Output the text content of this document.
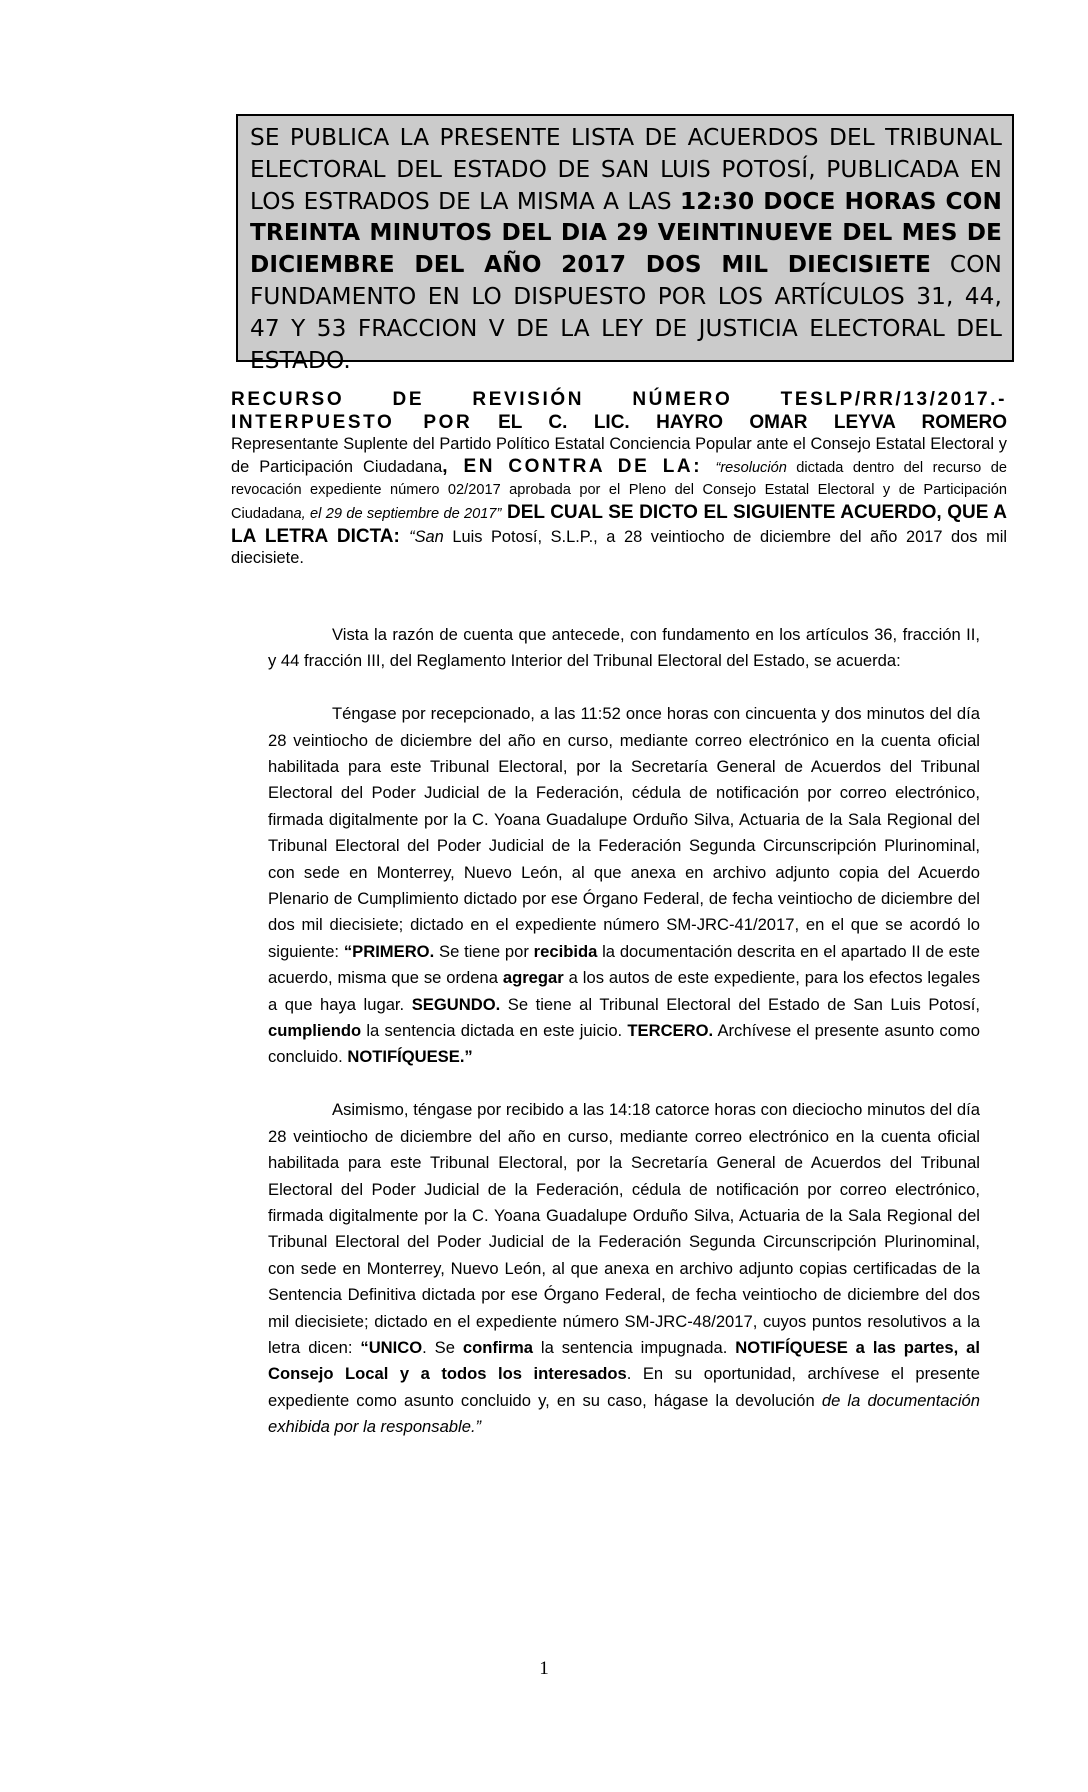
SE PUBLICA LA PRESENTE LISTA DE ACUERDOS DEL TRIBUNAL ELECTORAL DEL ESTADO DE SAN LUIS POTOSÍ, PUBLICADA EN LOS ESTRADOS DE LA MISMA A LAS 12:30 DOCE HORAS CON TREINTA MINUTOS DEL DIA 29 VEINTINUEVE DEL MES DE DICIEMBRE DEL AÑO 2017 DOS MIL DIECISIETE CON FUNDAMENTO EN LO DISPUESTO POR LOS ARTÍCULOS 31, 44, 47 Y 53 FRACCION V DE LA LEY DE JUSTICIA ELECTORAL DEL ESTADO.
RECURSO DE REVISIÓN NÚMERO TESLP/RR/13/2017.-
INTERPUESTO POR EL C. LIC. HAYRO OMAR LEYVA ROMERO
Representante Suplente del Partido Político Estatal Conciencia Popular ante el Consejo Estatal Electoral y de Participación Ciudadana, EN CONTRA DE LA: “resolución dictada dentro del recurso de revocación expediente número 02/2017 aprobada por el Pleno del Consejo Estatal Electoral y de Participación Ciudadana, el 29 de septiembre de 2017” DEL CUAL SE DICTO EL SIGUIENTE ACUERDO, QUE A LA LETRA DICTA: “San Luis Potosí, S.L.P., a 28 veintiocho de diciembre del año 2017 dos mil diecisiete.

Vista la razón de cuenta que antecede, con fundamento en los artículos 36, fracción II, y 44 fracción III, del Reglamento Interior del Tribunal Electoral del Estado, se acuerda:

Téngase por recepcionado, a las 11:52 once horas con cincuenta y dos minutos del día 28 veintiocho de diciembre del año en curso, mediante correo electrónico en la cuenta oficial habilitada para este Tribunal Electoral, por la Secretaría General de Acuerdos del Tribunal Electoral del Poder Judicial de la Federación, cédula de notificación por correo electrónico, firmada digitalmente por la C. Yoana Guadalupe Orduño Silva, Actuaria de la Sala Regional del Tribunal Electoral del Poder Judicial de la Federación Segunda Circunscripción Plurinominal, con sede en Monterrey, Nuevo León, al que anexa en archivo adjunto copia del Acuerdo Plenario de Cumplimiento dictado por ese Órgano Federal, de fecha veintiocho de diciembre del dos mil diecisiete; dictado en el expediente número SM-JRC-41/2017, en el que se acordó lo siguiente: “PRIMERO. Se tiene por recibida la documentación descrita en el apartado II de este acuerdo, misma que se ordena agregar a los autos de este expediente, para los efectos legales a que haya lugar. SEGUNDO. Se tiene al Tribunal Electoral del Estado de San Luis Potosí, cumpliendo la sentencia dictada en este juicio. TERCERO. Archívese el presente asunto como concluido. NOTIFÍQUESE.”

Asimismo, téngase por recibido a las 14:18 catorce horas con dieciocho minutos del día 28 veintiocho de diciembre del año en curso, mediante correo electrónico en la cuenta oficial habilitada para este Tribunal Electoral, por la Secretaría General de Acuerdos del Tribunal Electoral del Poder Judicial de la Federación, cédula de notificación por correo electrónico, firmada digitalmente por la C. Yoana Guadalupe Orduño Silva, Actuaria de la Sala Regional del Tribunal Electoral del Poder Judicial de la Federación Segunda Circunscripción Plurinominal, con sede en Monterrey, Nuevo León, al que anexa en archivo adjunto copias certificadas de la Sentencia Definitiva dictada por ese Órgano Federal, de fecha veintiocho de diciembre del dos mil diecisiete; dictado en el expediente número SM-JRC-48/2017, cuyos puntos resolutivos a la letra dicen: “UNICO. Se confirma la sentencia impugnada. NOTIFÍQUESE a las partes, al Consejo Local y a todos los interesados. En su oportunidad, archívese el presente expediente como asunto concluido y, en su caso, hágase la devolución de la documentación exhibida por la responsable.”

1
